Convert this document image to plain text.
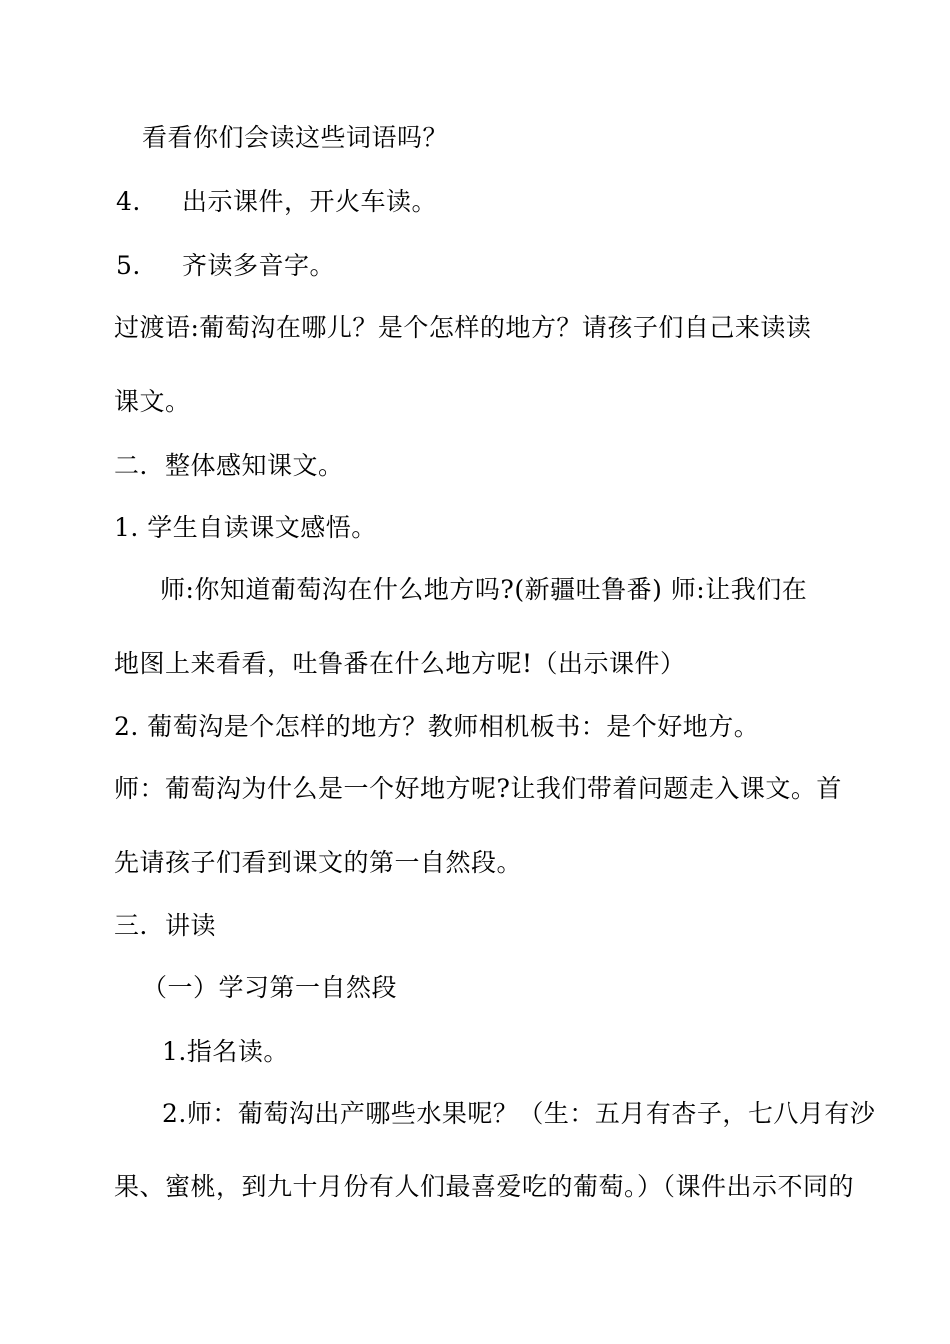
看看你们会读这些词语吗？
4. 出示课件，开火车读。
5. 齐读多音字。
过渡语:葡萄沟在哪儿？是个怎样的地方？请孩子们自己来读读
课文。
二．整体感知课文。
1. 学生自读课文感悟。
师:你知道葡萄沟在什么地方吗?(新疆吐鲁番) 师:让我们在
地图上来看看，吐鲁番在什么地方呢!（出示课件）
2. 葡萄沟是个怎样的地方？教师相机板书：是个好地方。
师：葡萄沟为什么是一个好地方呢?让我们带着问题走入课文。首
先请孩子们看到课文的第一自然段。
三．讲读
（一）学习第一自然段
1.指名读。
2.师：葡萄沟出产哪些水果呢？（生：五月有杏子，七八月有沙
果、蜜桃，到九十月份有人们最喜爱吃的葡萄。）（课件出示不同的
